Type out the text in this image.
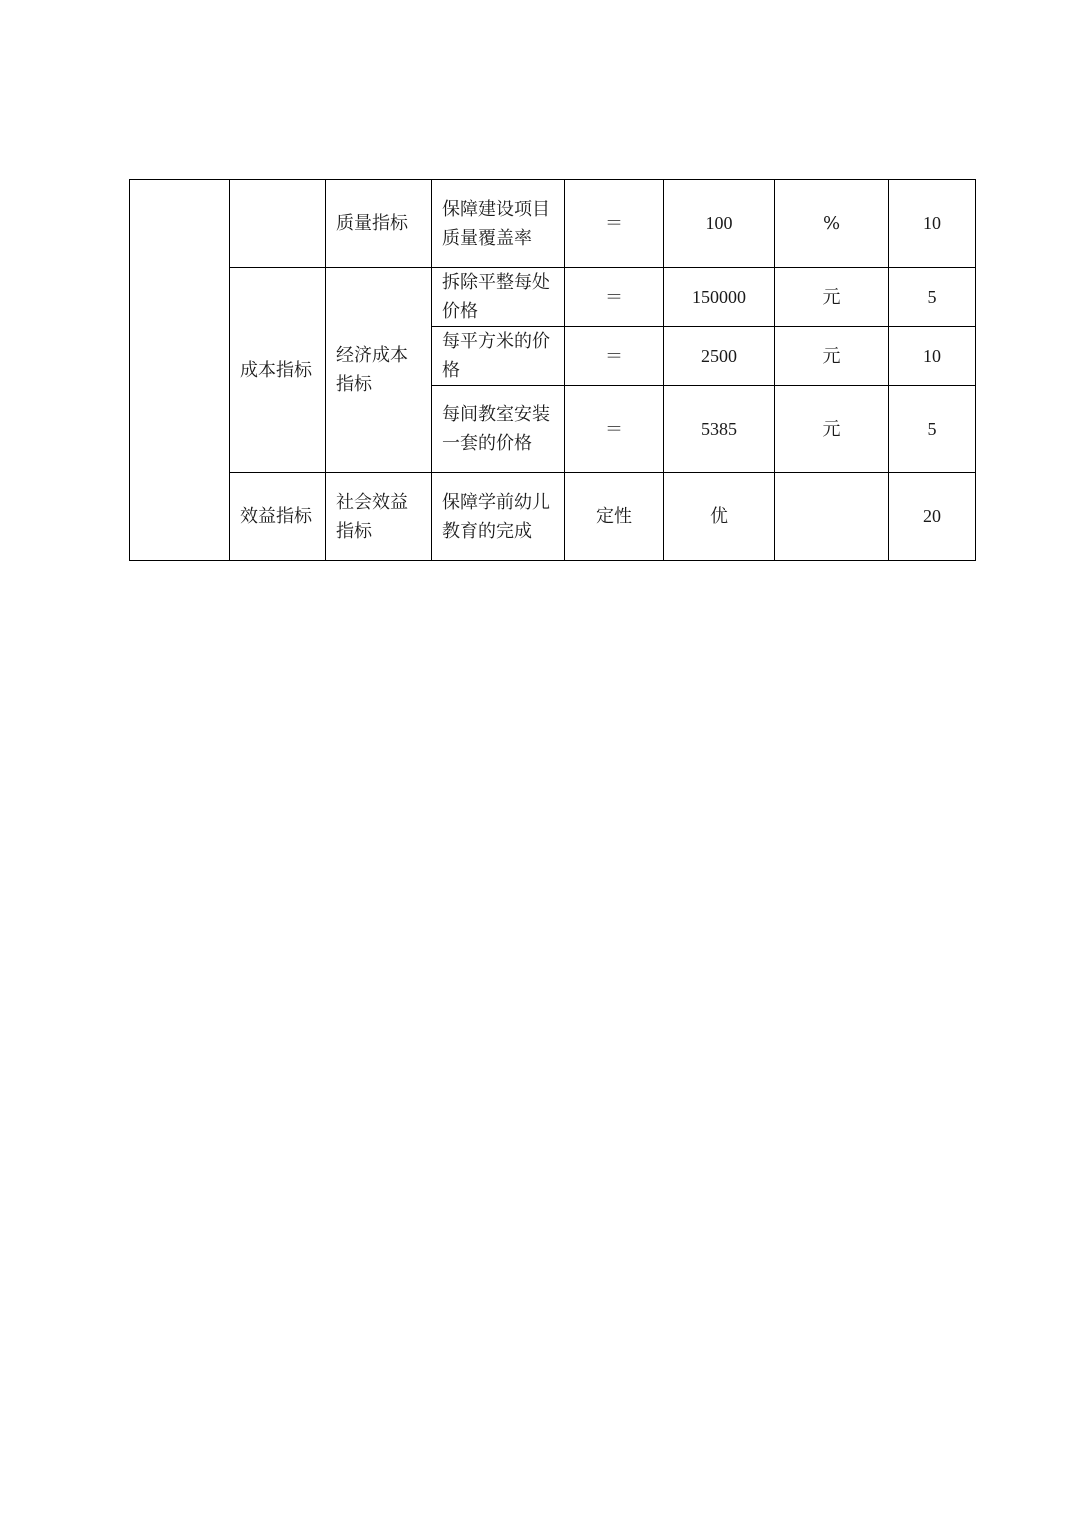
		质量指标	保障建设项目质量覆盖率	＝	100	%	10
	成本指标	经济成本指标	拆除平整每处价格	＝	150000	元	5
			每平方米的价格	＝	2500	元	10
			每间教室安装一套的价格	＝	5385	元	5
	效益指标	社会效益指标	保障学前幼儿教育的完成	定性	优		20
